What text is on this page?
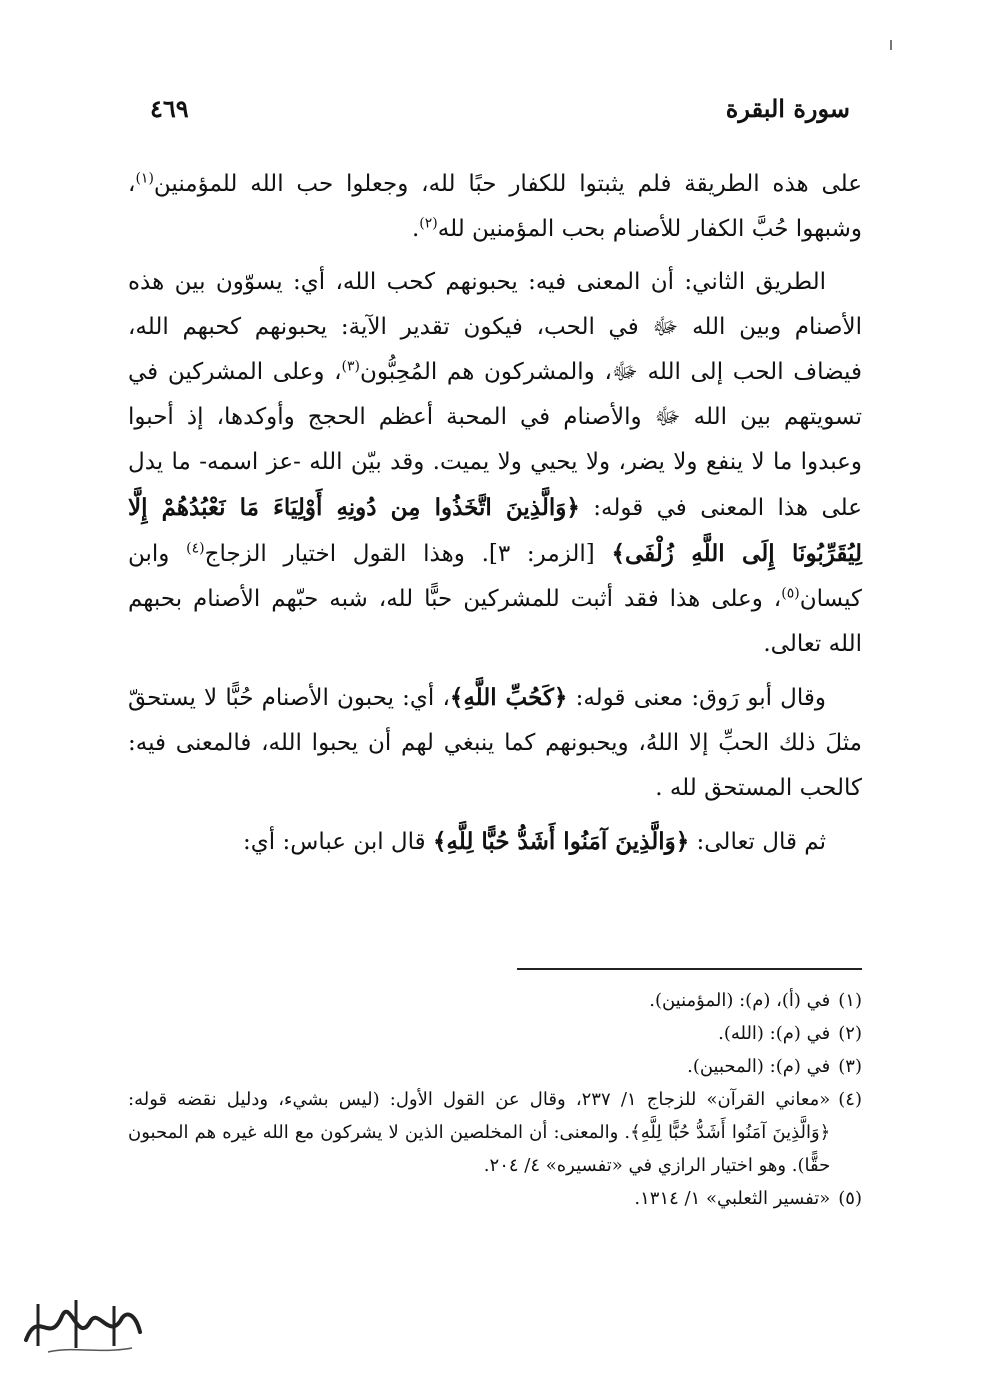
سورة البقرة
٤٦٩

على هذه الطريقة فلم يثبتوا للكفار حبًا لله، وجعلوا حب الله للمؤمنين$^{(١)}$، وشبهوا حُبَّ الكفار للأصنام بحب المؤمنين لله$^{(٢)}$.

الطريق الثاني: أن المعنى فيه: يحبونهم كحب الله، أي: يسوّون بين هذه الأصنام وبين الله ﷻ في الحب، فيكون تقدير الآية: يحبونهم كحبهم الله، فيضاف الحب إلى الله ﷻ، والمشركون هم المُحِبُّون$^{(٣)}$، وعلى المشركين في تسويتهم بين الله ﷻ والأصنام في المحبة أعظم الحجج وأوكدها، إذ أحبوا وعبدوا ما لا ينفع ولا يضر، ولا يحيي ولا يميت. وقد بيّن الله -عز اسمه- ما يدل على هذا المعنى في قوله: ﴿وَالَّذِينَ اتَّخَذُوا مِن دُونِهِ أَوْلِيَاءَ مَا نَعْبُدُهُمْ إِلَّا لِيُقَرِّبُونَا إِلَى اللَّهِ زُلْفَى﴾ [الزمر: ٣]. وهذا القول اختيار الزجاج$^{(٤)}$ وابن كيسان$^{(٥)}$، وعلى هذا فقد أثبت للمشركين حبًّا لله، شبه حبّهم الأصنام بحبهم الله تعالى.

وقال أبو رَوق: معنى قوله: ﴿كَحُبِّ اللَّهِ﴾، أي: يحبون الأصنام حُبًّا لا يستحقّ مثلَ ذلك الحبِّ إلا اللهُ، ويحبونهم كما ينبغي لهم أن يحبوا الله، فالمعنى فيه: كالحب المستحق لله .

ثم قال تعالى: ﴿وَالَّذِينَ آمَنُوا أَشَدُّ حُبًّا لِلَّهِ﴾ قال ابن عباس: أي:

(١)
في (أ)، (م): (المؤمنين).
(٢)
في (م): (الله).
(٣)
في (م): (المحبين).
(٤)
«معاني القرآن» للزجاج ١/ ٢٣٧، وقال عن القول الأول: (ليس بشيء، ودليل نقضه قوله: ﴿وَالَّذِينَ آمَنُوا أَشَدُّ حُبًّا لِلَّهِ﴾. والمعنى: أن المخلصين الذين لا يشركون مع الله غيره هم المحبون حقًّا). وهو اختيار الرازي في «تفسيره» ٤/ ٢٠٤.
(٥)
«تفسير الثعلبي» ١/ ١٣١٤.
